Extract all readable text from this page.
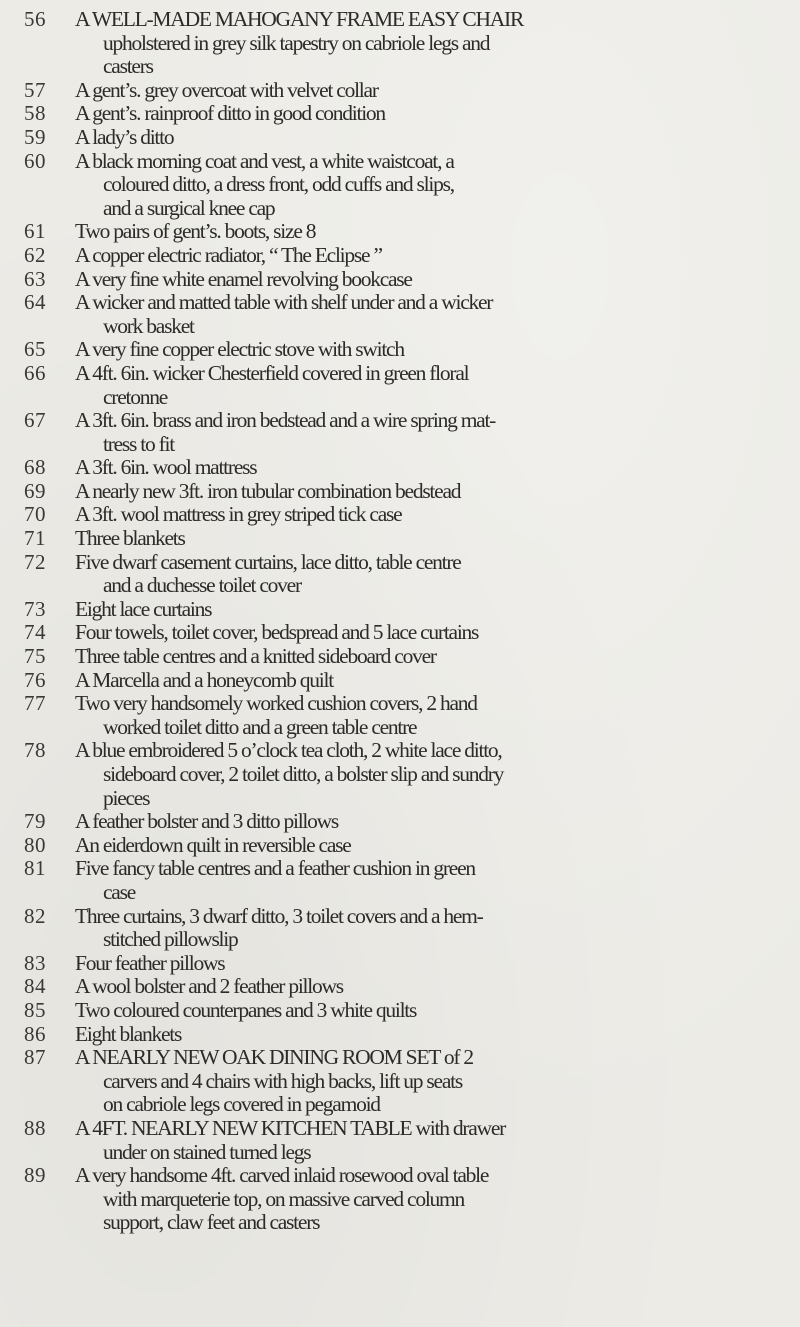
56	A WELL-MADE MAHOGANY FRAME EASY CHAIR
upholstered in grey silk tapestry on cabriole legs and
casters
57	A gent’s. grey overcoat with velvet collar
58	A gent’s. rainproof ditto in good condition
59	A lady’s ditto
60	A black morning coat and vest, a white waistcoat, a
coloured ditto, a dress front, odd cuffs and slips,
and a surgical knee cap
61	Two pairs of gent’s. boots, size 8
62	A copper electric radiator, “ The Eclipse ”
63	A very fine white enamel revolving bookcase
64	A wicker and matted table with shelf under and a wicker
work basket
65	A very fine copper electric stove with switch
66	A 4ft. 6in. wicker Chesterfield covered in green floral
cretonne
67	A 3ft. 6in. brass and iron bedstead and a wire spring mat-
tress to fit
68	A 3ft. 6in. wool mattress
69	A nearly new 3ft. iron tubular combination bedstead
70	A 3ft. wool mattress in grey striped tick case
71	Three blankets
72	Five dwarf casement curtains, lace ditto, table centre
and a duchesse toilet cover
73	Eight lace curtains
74	Four towels, toilet cover, bedspread and 5 lace curtains
75	Three table centres and a knitted sideboard cover
76	A Marcella and a honeycomb quilt
77	Two very handsomely worked cushion covers, 2 hand
worked toilet ditto and a green table centre
78	A blue embroidered 5 o’clock tea cloth, 2 white lace ditto,
sideboard cover, 2 toilet ditto, a bolster slip and sundry
pieces
79	A feather bolster and 3 ditto pillows
80	An eiderdown quilt in reversible case
81	Five fancy table centres and a feather cushion in green
case
82	Three curtains, 3 dwarf ditto, 3 toilet covers and a hem-
stitched pillowslip
83	Four feather pillows
84	A wool bolster and 2 feather pillows
85	Two coloured counterpanes and 3 white quilts
86	Eight blankets
87	A NEARLY NEW OAK DINING ROOM SET of 2
carvers and 4 chairs with high backs, lift up seats
on cabriole legs covered in pegamoid
88	A 4FT. NEARLY NEW KITCHEN TABLE with drawer
under on stained turned legs
89	A very handsome 4ft. carved inlaid rosewood oval table
with marqueterie top, on massive carved column
support, claw feet and casters
